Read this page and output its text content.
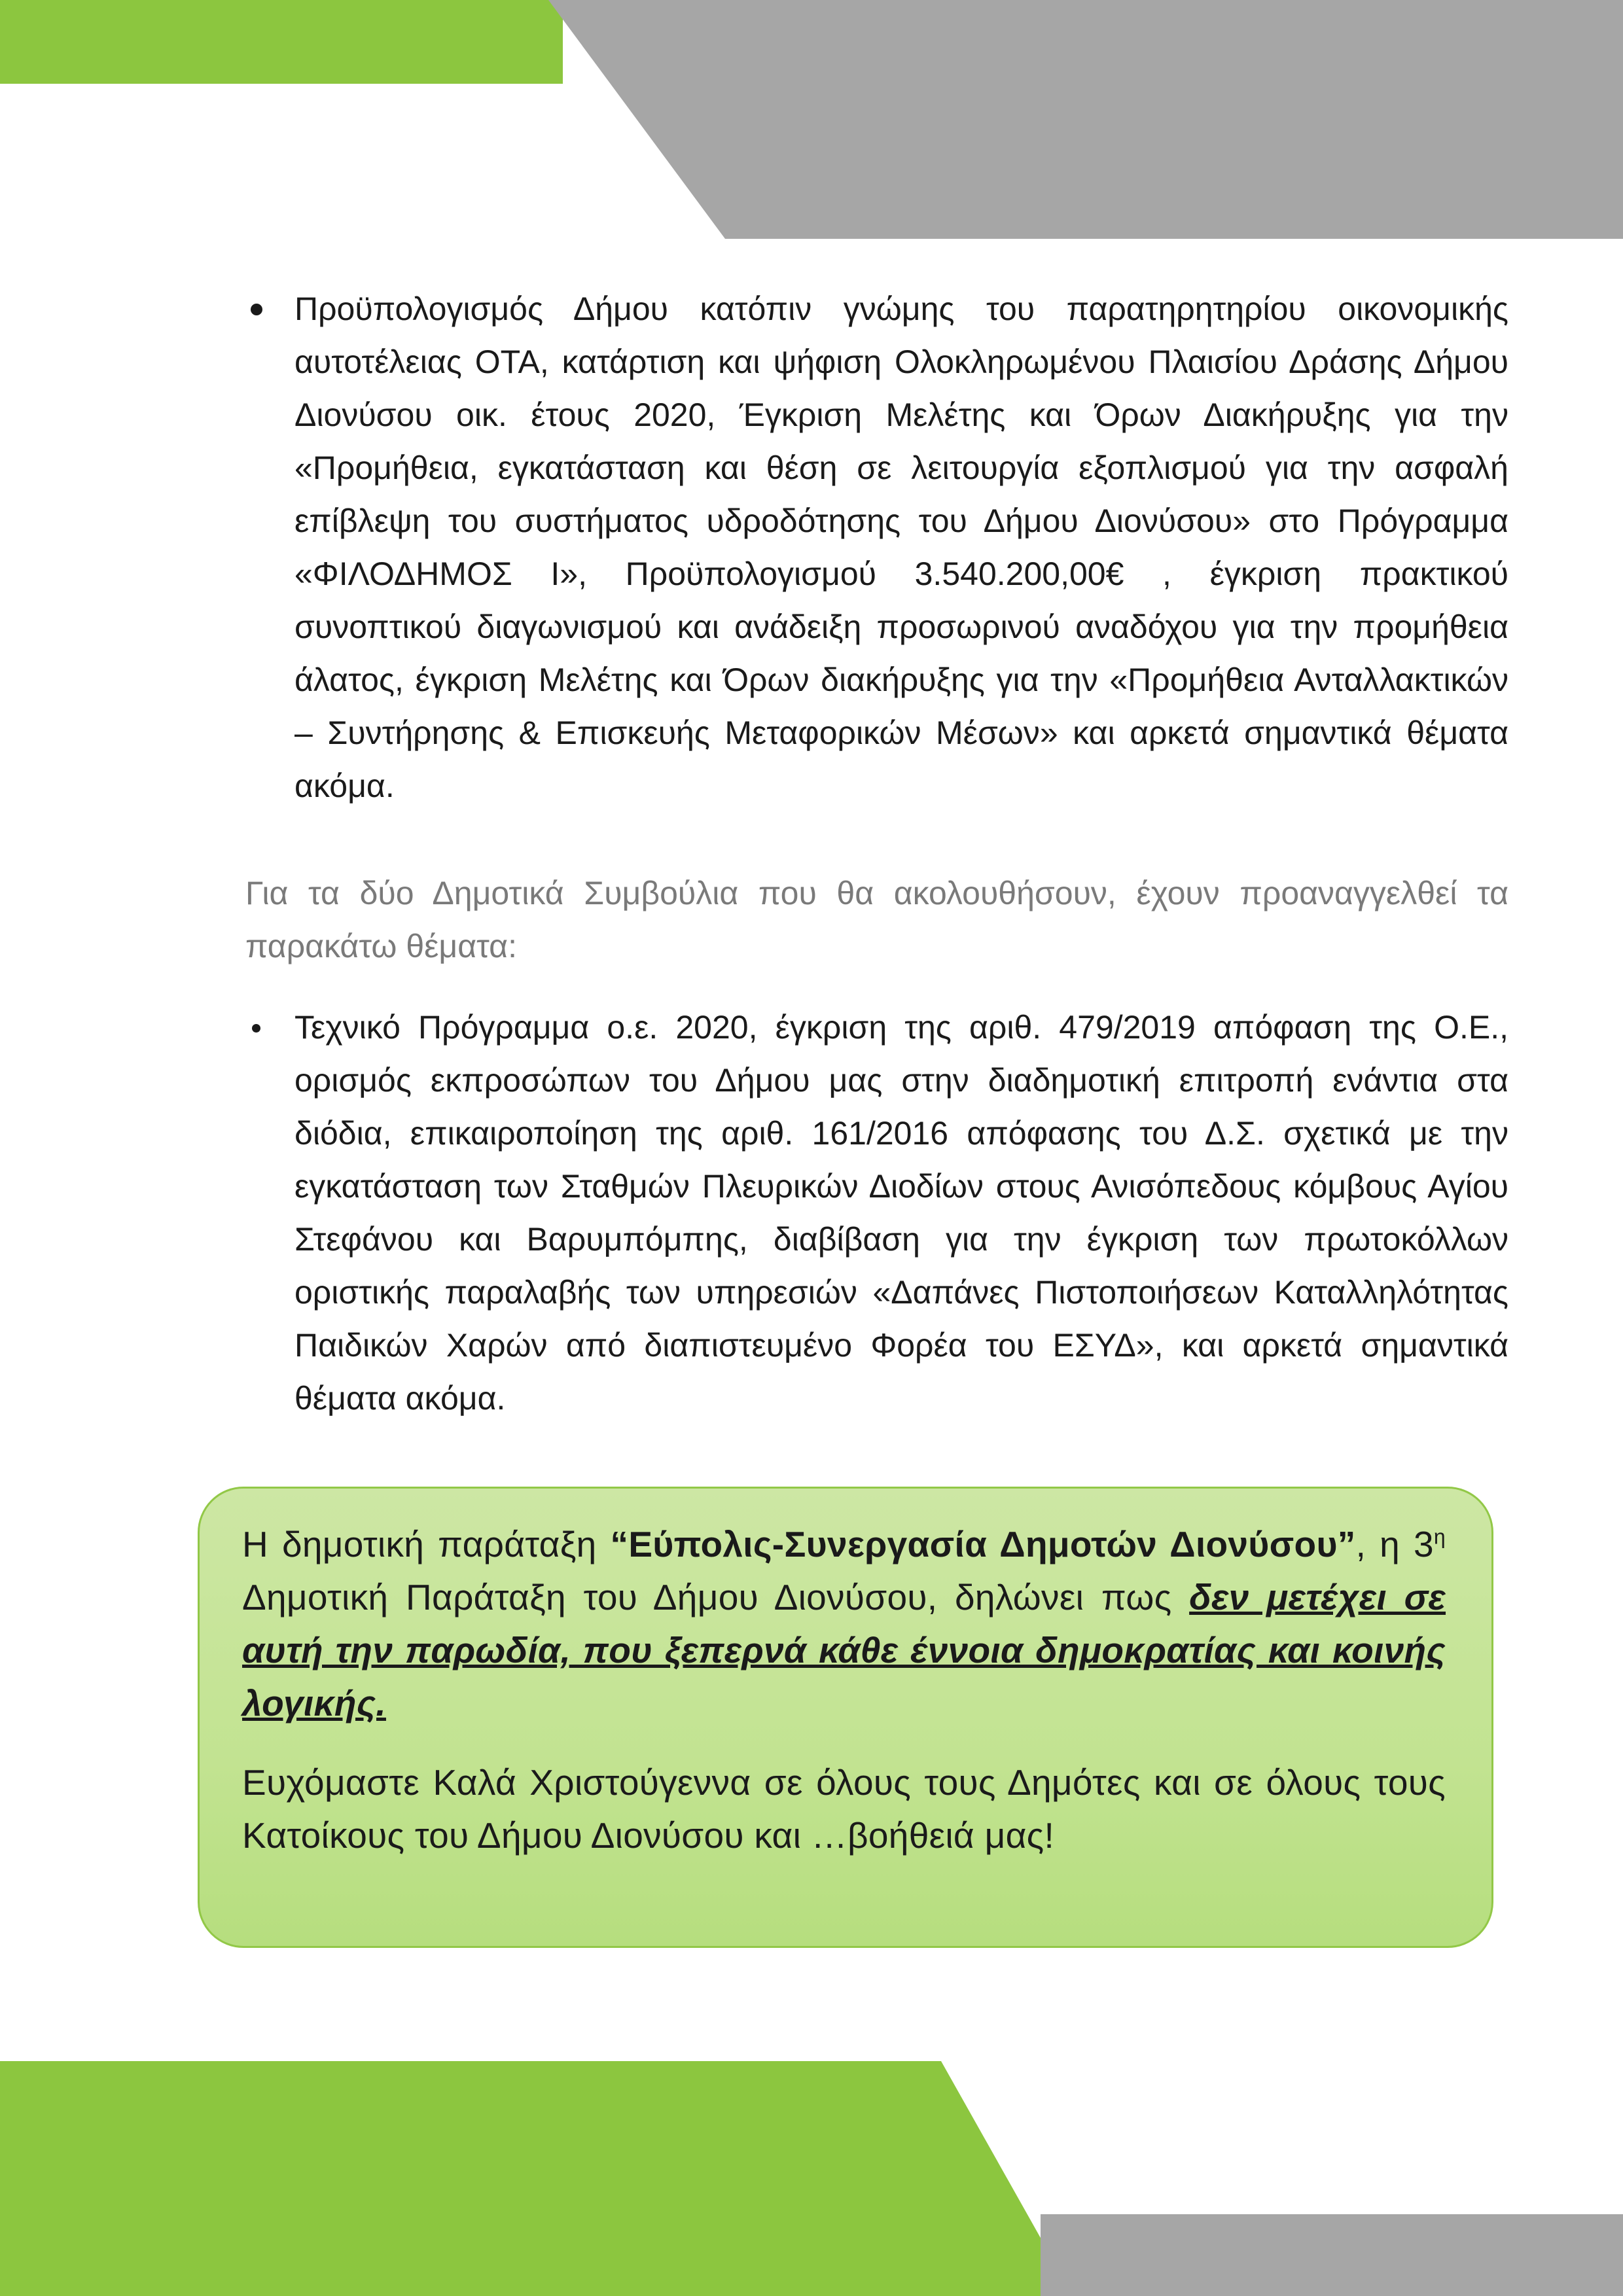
Προϋπολογισμός Δήμου κατόπιν γνώμης του παρατηρητηρίου οικονομικής αυτοτέλειας ΟΤΑ, κατάρτιση και ψήφιση Ολοκληρωμένου Πλαισίου Δράσης Δήμου Διονύσου οικ. έτους 2020, Έγκριση Μελέτης και Όρων Διακήρυξης για την «Προμήθεια, εγκατάσταση και θέση σε λειτουργία εξοπλισμού για την ασφαλή επίβλεψη του συστήματος υδροδότησης του Δήμου Διονύσου» στο Πρόγραμμα «ΦΙΛΟΔΗΜΟΣ Ι», Προϋπολογισμού 3.540.200,00€ , έγκριση πρακτικού συνοπτικού διαγωνισμού και ανάδειξη προσωρινού αναδόχου για την προμήθεια άλατος, έγκριση Μελέτης και Όρων διακήρυξης για την «Προμήθεια Ανταλλακτικών – Συντήρησης & Επισκευής Μεταφορικών Μέσων» και αρκετά σημαντικά θέματα ακόμα.
Για τα δύο Δημοτικά Συμβούλια που θα ακολουθήσουν, έχουν προαναγγελθεί τα παρακάτω θέματα:
Τεχνικό Πρόγραμμα ο.ε. 2020, έγκριση της αριθ. 479/2019 απόφαση της Ο.Ε., ορισμός εκπροσώπων του Δήμου μας στην διαδημοτική επιτροπή ενάντια στα διόδια, επικαιροποίηση της αριθ. 161/2016 απόφασης του Δ.Σ. σχετικά με την εγκατάσταση των Σταθμών Πλευρικών Διοδίων στους Ανισόπεδους κόμβους Αγίου Στεφάνου και Βαρυμπόμπης, διαβίβαση για την έγκριση των πρωτοκόλλων οριστικής παραλαβής των υπηρεσιών «Δαπάνες Πιστοποιήσεων Καταλληλότητας Παιδικών Χαρών από διαπιστευμένο Φορέα του ΕΣΥΔ», και αρκετά σημαντικά θέματα ακόμα.

Η δημοτική παράταξη “Εύπολις-Συνεργασία Δημοτών Διονύσου”, η $3^\eta$ Δημοτική Παράταξη του Δήμου Διονύσου, δηλώνει πως δεν μετέχει σε αυτή την παρωδία, που ξεπερνά κάθε έννοια δημοκρατίας και κοινής λογικής.

Ευχόμαστε Καλά Χριστούγεννα σε όλους τους Δημότες και σε όλους τους Κατοίκους του Δήμου Διονύσου και …βοήθειά μας!
